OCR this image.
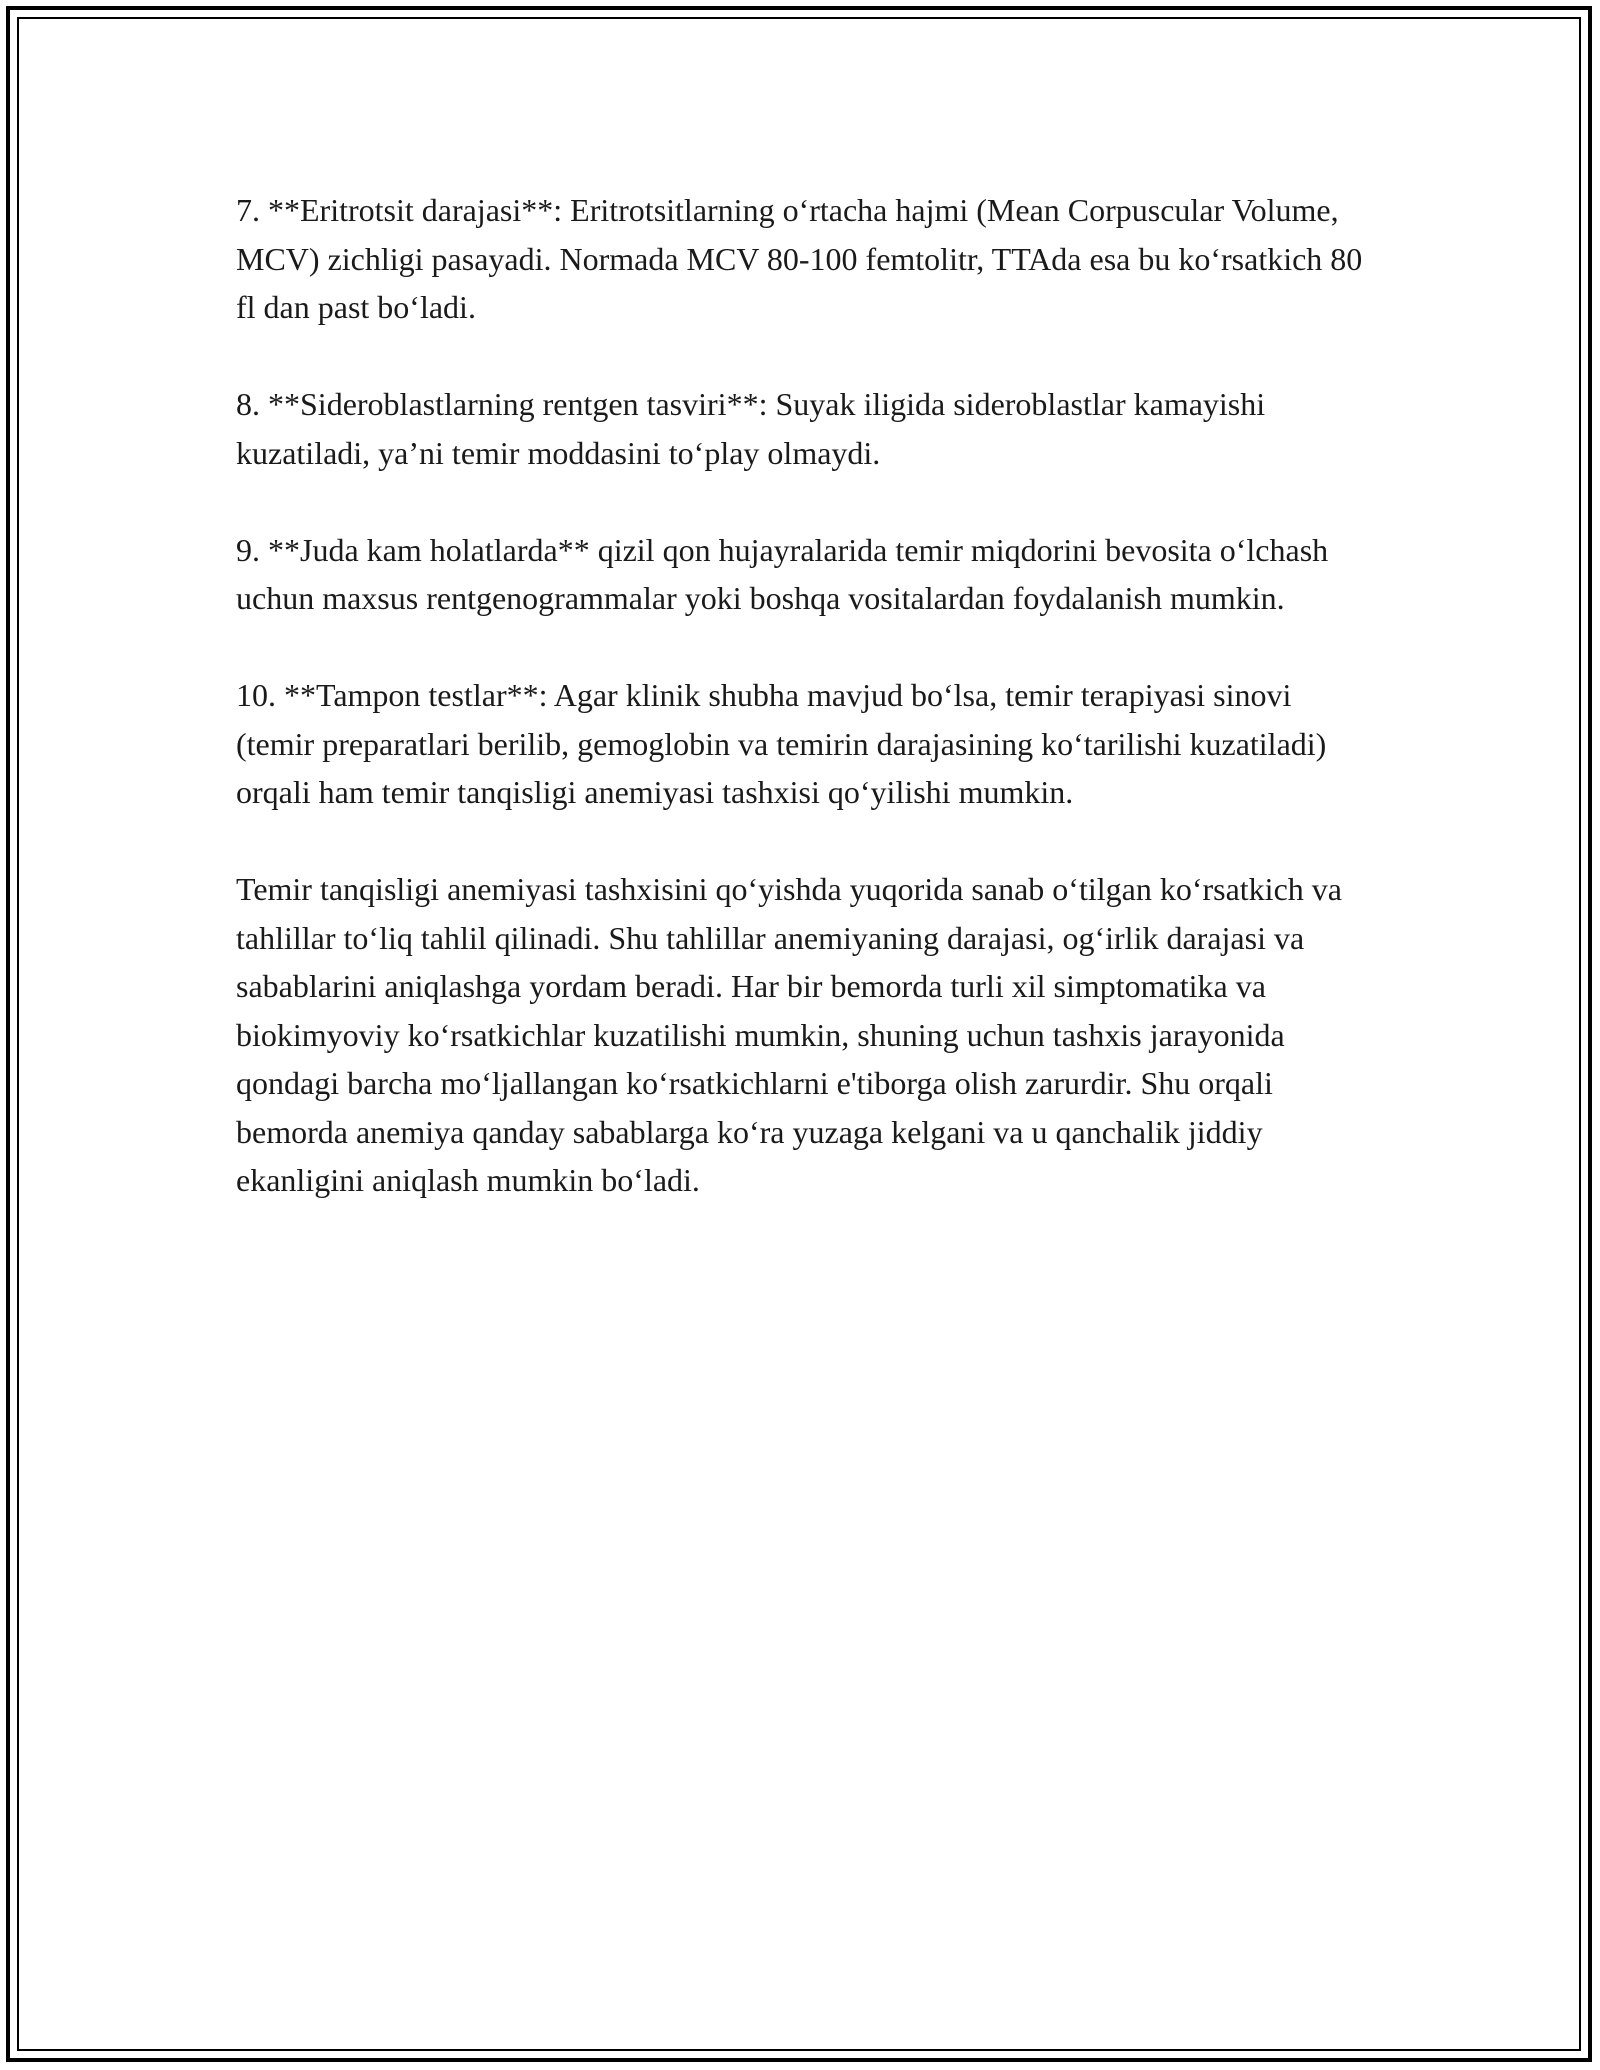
7. **Eritrotsit darajasi**: Eritrotsitlarning o‘rtacha hajmi (Mean Corpuscular Volume, MCV) zichligi pasayadi. Normada MCV 80-100 femtolitr, TTAda esa bu ko‘rsatkich 80 fl dan past bo‘ladi.

8. **Sideroblastlarning rentgen tasviri**: Suyak iligida sideroblastlar kamayishi kuzatiladi, ya’ni temir moddasini to‘play olmaydi.

9. **Juda kam holatlarda** qizil qon hujayralarida temir miqdorini bevosita o‘lchash uchun maxsus rentgenogrammalar yoki boshqa vositalardan foydalanish mumkin.

10. **Tampon testlar**: Agar klinik shubha mavjud bo‘lsa, temir terapiyasi sinovi (temir preparatlari berilib, gemoglobin va temirin darajasining ko‘tarilishi kuzatiladi) orqali ham temir tanqisligi anemiyasi tashxisi qo‘yilishi mumkin.

Temir tanqisligi anemiyasi tashxisini qo‘yishda yuqorida sanab o‘tilgan ko‘rsatkich va tahlillar to‘liq tahlil qilinadi. Shu tahlillar anemiyaning darajasi, og‘irlik darajasi va sabablarini aniqlashga yordam beradi. Har bir bemorda turli xil simptomatika va biokimyoviy ko‘rsatkichlar kuzatilishi mumkin, shuning uchun tashxis jarayonida qondagi barcha mo‘ljallangan ko‘rsatkichlarni e'tiborga olish zarurdir. Shu orqali bemorda anemiya qanday sabablarga ko‘ra yuzaga kelgani va u qanchalik jiddiy ekanligini aniqlash mumkin bo‘ladi.
